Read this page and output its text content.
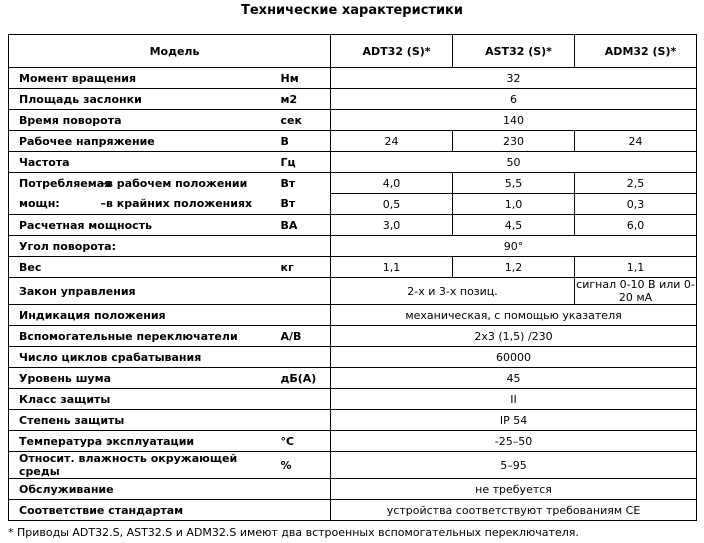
Технические характеристики
Модель			ADT32 (S)*	AST32 (S)*	ADM32 (S)*
Момент вращения		Нм	32		
Площадь заслонки		м2	6		
Время поворота		сек	140		
Рабочее напряжение		В	24	230	24
Частота		Гц	50		
Потребляемая	–в рабочем положении	Вт	4,0	5,5	2,5
мощн:	–в крайних положениях	Вт	0,5	1,0	0,3
Расчетная мощность		ВА	3,0	4,5	6,0
Угол поворота:			90°		
Вес		кг	1,1	1,2	1,1
Закон управления			2-х и 3-х позиц.		сигнал 0-10 В или 0-20 мА
Индикация положения			механическая, с помощью указателя		
Вспомогательные переключатели		A/B	2x3 (1,5) /230		
Число циклов срабатывания			60000		
Уровень шума		дБ(А)	45		
Класс защиты			II		
Степень защиты			IP 54		
Температура эксплуатации		°C	-25–50		
Относит. влажность окружающей среды		%	5–95		
Обслуживание			не требуется		
Соответствие стандартам			устройства соответствуют требованиям CE		
* Приводы ADT32.S, AST32.S и ADM32.S имеют два встроенных вспомогательных переключателя.
